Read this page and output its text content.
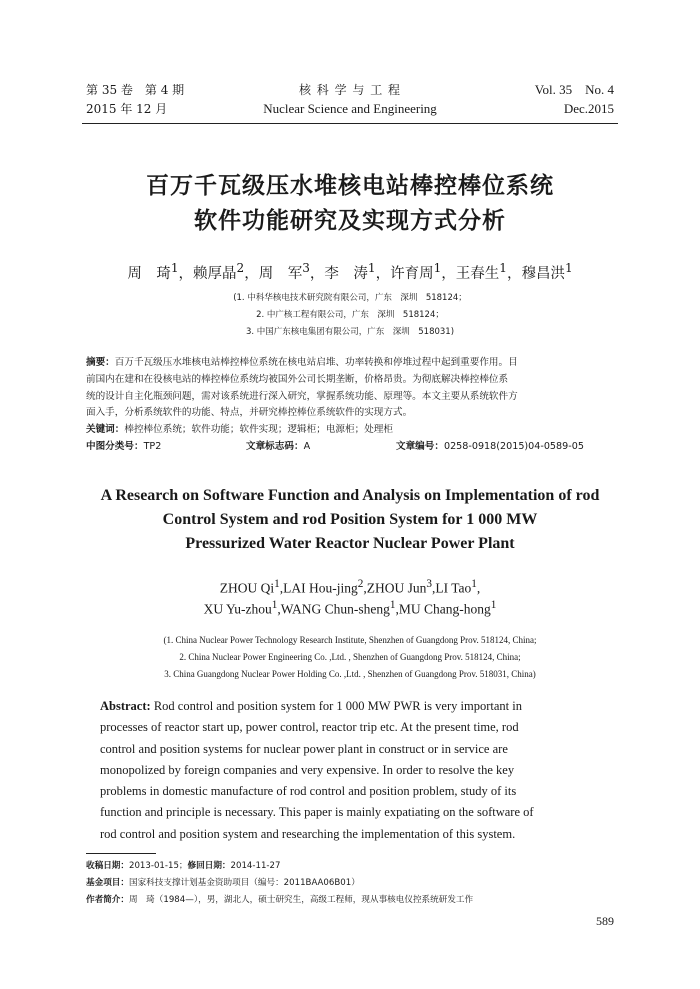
第 35 卷　第 4 期
2015 年 12 月
核 科 学 与 工 程
Nuclear Science and Engineering
Vol. 35　No. 4
Dec.2015
百万千瓦级压水堆核电站棒控棒位系统
软件功能研究及实现方式分析
周　琦$^1$，赖厚晶$^2$，周　军$^3$，李　涛$^1$，许育周$^1$，王春生$^1$，穆昌洪$^1$
(1. 中科华核电技术研究院有限公司，广东　深圳　518124；
2. 中广核工程有限公司，广东　深圳　518124；
3. 中国广东核电集团有限公司，广东　深圳　518031)
摘要：百万千瓦级压水堆核电站棒控棒位系统在核电站启堆、功率转换和停堆过程中起到重要作用。目
前国内在建和在役核电站的棒控棒位系统均被国外公司长期垄断，价格昂贵。为彻底解决棒控棒位系
统的设计自主化瓶颈问题，需对该系统进行深入研究，掌握系统功能、原理等。本文主要从系统软件方
面入手，分析系统软件的功能、特点，并研究棒控棒位系统软件的实现方式。
关键词：棒控棒位系统；软件功能；软件实现；逻辑柜；电源柜；处理柜
中图分类号：TP2	文章标志码：A	文章编号：0258-0918(2015)04-0589-05
A Research on Software Function and Analysis on Implementation of rod
Control System and rod Position System for 1 000 MW
Pressurized Water Reactor Nuclear Power Plant
ZHOU Qi$^1$,LAI Hou-jing$^2$,ZHOU Jun$^3$,LI Tao$^1$,
XU Yu-zhou$^1$,WANG Chun-sheng$^1$,MU Chang-hong$^1$
(1. China Nuclear Power Technology Research Institute, Shenzhen of Guangdong Prov. 518124, China;
2. China Nuclear Power Engineering Co. ,Ltd. , Shenzhen of Guangdong Prov. 518124, China;
3. China Guangdong Nuclear Power Holding Co. ,Ltd. , Shenzhen of Guangdong Prov. 518031, China)
Abstract: Rod control and position system for 1 000 MW PWR is very important in
processes of reactor start up, power control, reactor trip etc. At the present time, rod
control and position systems for nuclear power plant in construct or in service are
monopolized by foreign companies and very expensive. In order to resolve the key
problems in domestic manufacture of rod control and position problem, study of its
function and principle is necessary. This paper is mainly expatiating on the software of
rod control and position system and researching the implementation of this system.
收稿日期：2013-01-15；修回日期：2014-11-27
基金项目：国家科技支撑计划基金资助项目（编号：2011BAA06B01）
作者简介：周　琦（1984—），男，湖北人，硕士研究生，高级工程师，现从事核电仪控系统研发工作
589
